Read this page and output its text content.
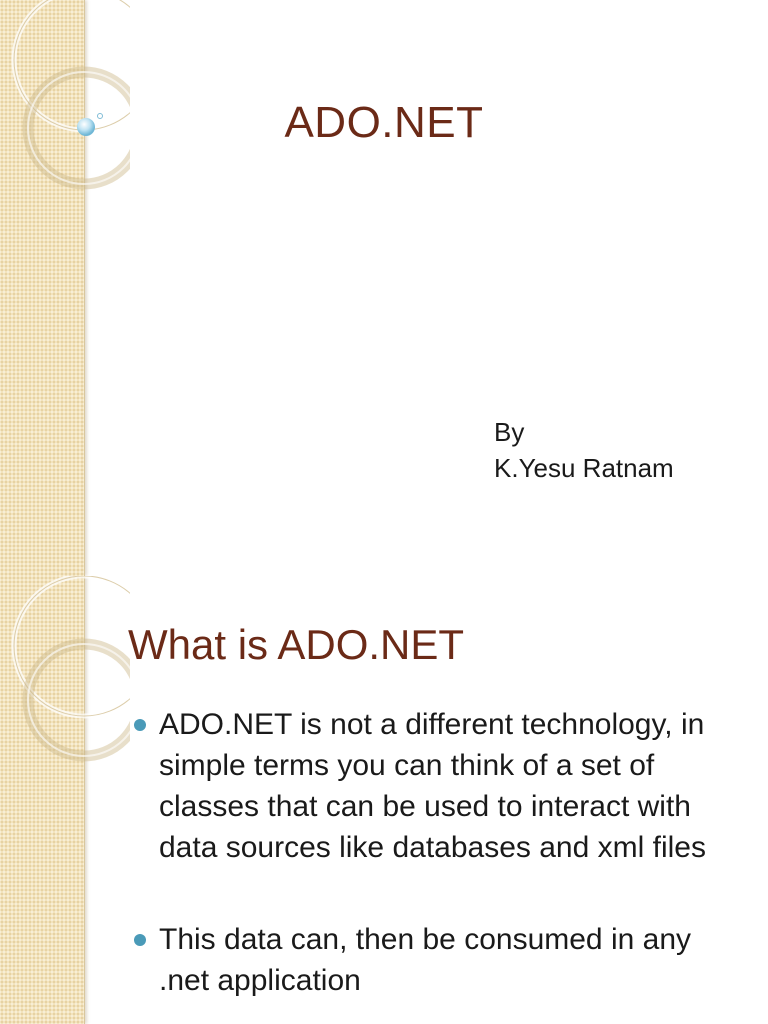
ADO.NET
By
K.Yesu Ratnam
What is ADO.NET
ADO.NET is not a different technology, in simple terms you can think of a set of classes that can be used to interact with data sources like databases and xml files
This data can, then be consumed in any .net application
